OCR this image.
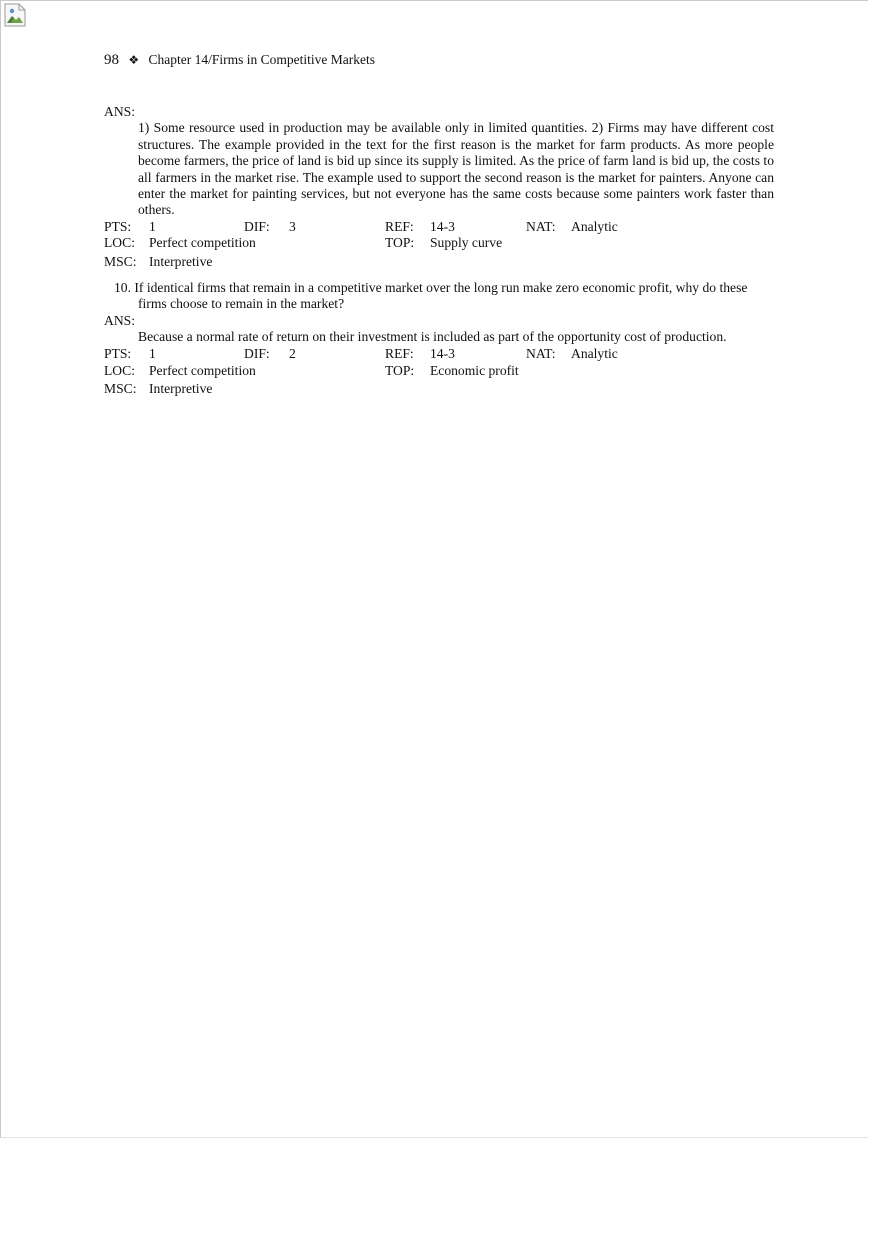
98 ❖ Chapter 14/Firms in Competitive Markets
ANS:
1) Some resource used in production may be available only in limited quantities. 2) Firms may have different cost structures. The example provided in the text for the first reason is the market for farm products. As more people become farmers, the price of land is bid up since its supply is limited. As the price of farm land is bid up, the costs to all farmers in the market rise. The example used to support the second reason is the market for painters. Anyone can enter the market for painting services, but not everyone has the same costs because some painters work faster than others.
PTS: 1	DIF: 3	REF: 14-3	NAT: Analytic
LOC: Perfect competition	TOP: Supply curve
MSC: Interpretive
10. If identical firms that remain in a competitive market over the long run make zero economic profit, why do these firms choose to remain in the market?
ANS:
Because a normal rate of return on their investment is included as part of the opportunity cost of production.
PTS: 1	DIF: 2	REF: 14-3	NAT: Analytic
LOC: Perfect competition	TOP: Economic profit
MSC: Interpretive
